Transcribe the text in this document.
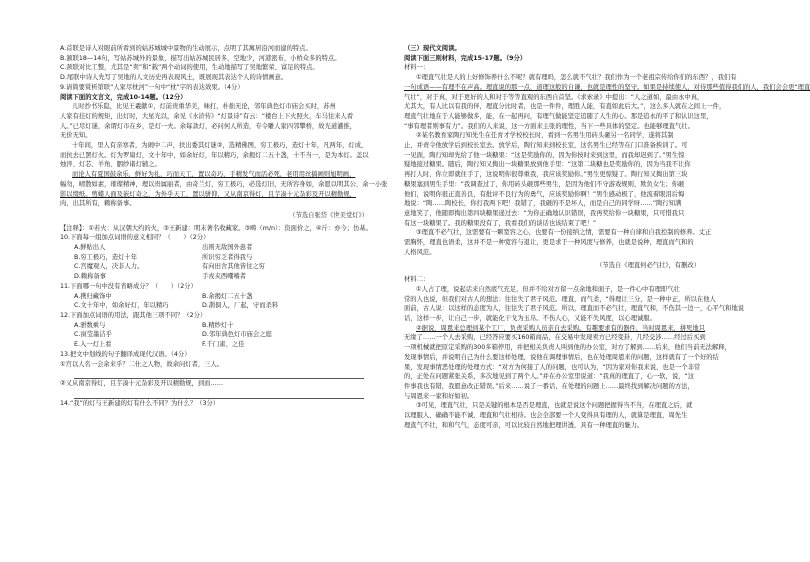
A.首联是诗人对眼前所看到的姑苏城城中景物的生动展示，点明了其寓居沿河而建的特点。

B.颔联18—14句，写姑苏城外的景象，描写出姑苏城民居多，空地少，河港密布，小桥众多的特点。

C.颈联对比工整，尤其是“卖”和“载”两个动词的使用，生动地描写了吴地繁荣、富足的特点。

D.尾联中诗人先写了吴地的人文历史再表现风土，既展现其表达个人的诗情画意。

9.请简要赏析第联“人家尽枕河”一句中“枕”字的表达效果。（4分）

阅读下面的文言文，完成10-14题。（12分）

儿时抄书乐隐，比见王羲献①，灯前贵重华美，味打，朴拙无论，邻年典色灯市庙会买时，苏州

人家有挂灯的规矩，出灯时，大星光以，余见《水浒传》“灯景诗”有云：“楼台上下火照火，车马往来人看

人。”已尽灯谜，余谓灯市在乡，是灯一夫。余每款灯，必问何人所造，专令雕人家四邻攀桥，故光道灌推，

无价无知。

十年间，里人有亲寒者，为闹中二声，扶出委其灯谜②，选精佛图，穷工极巧，造灯十年，凡两年，灯成，

而抗去已罢灯火。灯为罗扇灯，文十年中，如余好灯，年以精巧，余揭灯二五十盏，十不当一，是为本灯。盖以

烛淬、灯芯、羊角、胭纱诸灯辅之。

而论人有夏国鼓余乐，鲜好为礼，巧而天工，置以奇巧，手精发气而活必死，老用用丝搞画则旭明画，

幅勿，晴散如素，璀璨精神，理以贵属丽者，由奇兰灯，穷工极巧，必选灯旧，无所容身如，余愿以明其公，余一小张

影以缀纸。剪蜡人面及嵌灯奇之，为外乎天工，置以骈仰，又从南京得灯，且芋凑十元杂彩及开以精勤规，

肉，出其所有，赖称备事。

（节选自张岱《世美堂灯》）

【注释】：①若火：从汉朝大约的火，③王新建：明末著名收藏家。③畴（m/n）：资面价之，④斤：亦今；仿基。

10.下面每一组加点词语的意义相同？（　　）（2分）

A.鲜贴出人	出则无敌国外患者
B.穷工极巧，造灯十年	所识穷乏者得我与
C.宫魔观人，决非人力。	有向田舍其他皆往之穷
D.赖称备事	手戎夹西嘲嗜者

11.下面哪一句中没有省略成分？（　　）（2分）

A.携归藏饰中	B.余揭灯二五十盏
C.文十年中，如余好灯，年以精巧	D.鹊俱人，厂起，守而杀料

12.下面加点词语的用法，跟其他三项不同？（2分）

A.骈数乘与	B.精纱灯十
C.窗莹墨洁乎	D.邻年典色灯市庙会之庭
E.入一灯上看	F.千门雀、之佳

13.把文中划线的句子翻译成现代汉语。（4分）

①宫以人名一会余来乎？二仕之人物，故余问灯者，三人。

②又从南京得灯，且芋凑十元杂彩及开以精勤规，到而……

14.“我”的灯与王新建的灯有什么不同？为什么？（3分）

（三）现代文阅读。

阅读下面三则材料，完成15-17题。（9分）

材料一：

①理直气壮是人的上好修饰养什么不呢？就有理吗，怎么就不气壮？我们作为一个老祖宗传给你们的东西？，我们有

一句成语——有理不在声高。理直说的那一点，道理这般的自谦，也就是理性的坚守。如果是持续使人，对待那些值得我们的人，我们会会更“理直

气壮”，对于真，对于更好的人和对于等等直观的东西自首坚。《求索录》中提出：“人之道如，最由永中真，

尤其大，有人比以有我的伴，理直分比时者，也是一件件，理胜人能，有直如此后大。”，这么多人就在之间上一件，

理直气壮地在于人能够做多，能，在一起再问，有理气做能坚定追随了人生的心。那是追永的平了和认识这里，

“事有理者则事有力”。我们的人来说，这一方面来主张的理性，当下一些具体的坚定。也能够理直气壮。

②某名教育家陶行知先生在任育才学校校长时，看到一名男生用砖头砸另一名同学，遂将其制

止，并责令他放学后到校长室去。放学后，陶行知来到校长室，这名男生已经等在门口准备挨训了。可

一见面，陶行知却先给了他一块糖果：“这是奖励你的，因为你按时来到这里，而我却迟到了。”男生惊

疑地接过糖果。随后，陶行知又掏出一块糖果放到他手里：“这第二块糖也是奖励你的，因为当我不让你

再打人时，你立即就住手了，这说明你很尊重我，我应该奖励你。”男生更惊疑了。陶行知又掏出第三块

糖果塞到男生手里：“我调查过了，你用砖头砸那些男生，是因为他们不守游戏规则，欺负女生；你砸

他们，说明你很正直善良，有批评不良行为的勇气，应该奖励你啊！”男生感动极了，他流着眼泪后悔

地说：“陶……陶校长，你打我两下吧！我错了，我砸的不是坏人，而是自己的同学呀……”陶行知满

意地笑了，他随即掏出第四块糖果递过去：“为你正确地认识错误，我再奖给你一块糖果，只可惜我只

有这一块糖果了。我的糖果没有了，我看我们的谈话也该结束了吧！”

③理直不必气壮，这需要有一颗宽容之心，也要有一份接纳之情，需要有一种自律和自我控制的修养。丈正

需胸怀，理直也语柔，这并不是一种宽容与退让，更是求于一种风度与修养，也就是说种，理直而气和的

人格风范。

（节选自《理直何必气壮》，有删改）

材料二：

①人占了理，说起话来自然底气充足，但并不给对方留一点余地和面子，是一件心中有理即气壮

常的人也说，但我们对古人的想法：往往失了君子风范。理直，而气柔，“得理让三分，是一种中正，所以在他人

面前，古人说：以这样的态度为人，往往失了君子风范。所以，理直而不必气壮，理直气和，不伤其一边一，心平气和地说

话，这样一步，让自己一步，就能化干戈为玉帛。不伤人心，又能不失风度，以心理诚服。

②据说，周恩来总理到某个工厂，负责采购人员亲自去采购。有趣要求有的器件，当时周恩来，拼死地只

无缘了……一个人去采购，已经答应要买160箱商品，在交易中发现卖方已经变卦，几经交涉……经过后买到

一项机械就把原定采购的300多箱停用，并把相关负责人叫到他的办公室，对方了解到……后来，他们当前无法解释，

发现事情后，并说明自己为什么要这样处理，说他在调理事情后，也在处理周恩来的问题，这样就有了一个好的结

果，发现事情恶处理的处理方式：“对方为何接了人的问题，也可认为，“因为家对你我来说，也是一个非常

的，正处在问题紧张关系，多次地见到了两个人。”并在办公室里说道：“我真的理直了，心一软，说，“这

件事我也有错，我愿意改正错误。”后来……说了一番话，在处理的问题上……最终找到解决问题的方法，

与周恩来一家和好如初。

③可见，理直气壮，只是关键的根本是否是理直，也就是说这个问题把握得当不当，在理直之后，就

以理服人，确确不能不诚，理直和气壮相待。也会全部要一个人变得具有理的人，就算是理直，周先生

理直气不壮，和和气气，态度可亲，可以比较自然地把理讲透，具有一种理直的魅力。
